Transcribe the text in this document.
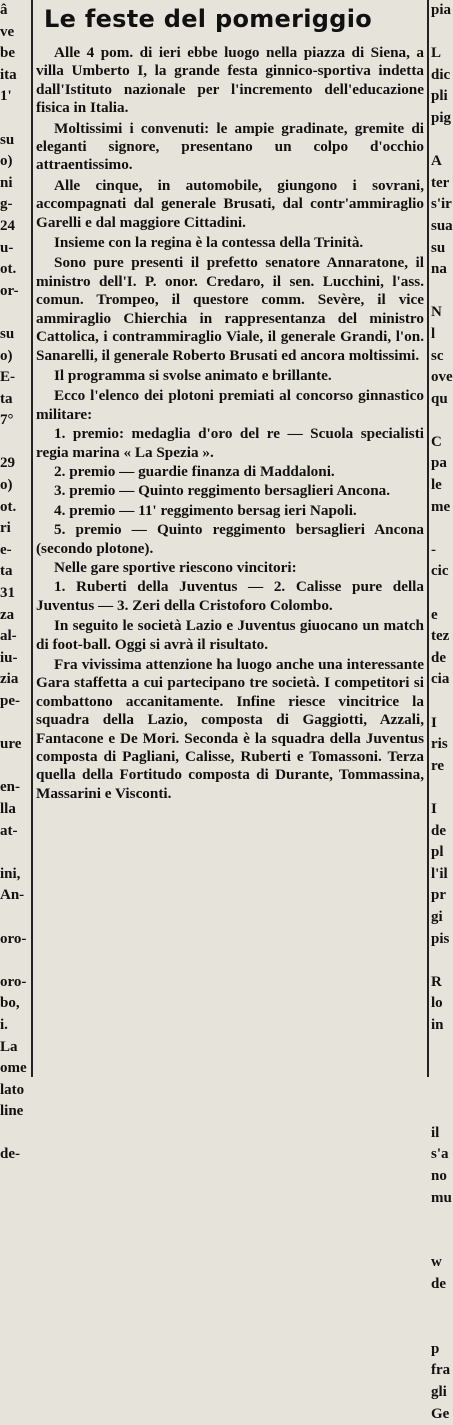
â
ve
be
ita
1'

su
o)
ni
g-
24
u-
ot.
or-

su
o)
E-
ta
7°

29
o)
ot.
ri
e-
ta
31
za
al-
iu-
zia
pe-

ure

en-
lla
at-

ini,
An-

oro-

oro-
bo,
i.
La
ome
lato
line

de-
Le feste del pomeriggio
Alle 4 pom. di ieri ebbe luogo nella piazza di Siena, a villa Umberto I, la grande festa ginnico-sportiva indetta dall'Istituto nazionale per l'incremento dell'educazione fisica in Italia.
Moltissimi i convenuti: le ampie gradinate, gremite di eleganti signore, presentano un colpo d'occhio attraentissimo.
Alle cinque, in automobile, giungono i sovrani, accompagnati dal generale Brusati, dal contr'ammiraglio Garelli e dal maggiore Cittadini.
Insieme con la regina è la contessa della Trinità.
Sono pure presenti il prefetto senatore Annaratone, il ministro dell'I. P. onor. Credaro, il sen. Lucchini, l'ass. comun. Trompeo, il questore comm. Sevère, il vice ammiraglio Chierchia in rappresentanza del ministro Cattolica, i contrammiraglio Viale, il generale Grandi, l'on. Sanarelli, il generale Roberto Brusati ed ancora moltissimi.
Il programma si svolse animato e brillante.
Ecco l'elenco dei plotoni premiati al concorso ginnastico militare:
1. premio: medaglia d'oro del re — Scuola specialisti regia marina « La Spezia ».
2. premio — guardie finanza di Maddaloni.
3. premio — Quinto reggimento bersaglieri Ancona.
4. premio — 11' reggimento bersag ieri Napoli.
5. premio — Quinto reggimento bersaglieri Ancona (secondo plotone).
Nelle gare sportive riescono vincitori:
1. Ruberti della Juventus — 2. Calisse pure della Juventus — 3. Zeri della Cristoforo Colombo.
In seguito le società Lazio e Juventus giuocano un match di foot-ball. Oggi si avrà il risultato.
Fra vivissima attenzione ha luogo anche una interessante Gara staffetta a cui partecipano tre società. I competitori si combattono accanitamente. Infine riesce vincitrice la squadra della Lazio, composta di Gaggiotti, Azzali, Fantacone e De Mori. Seconda è la squadra della Juventus composta di Pagliani, Calisse, Ruberti e Tomassoni. Terza quella della Fortitudo composta di Durante, Tommassina, Massarini e Visconti.
pia

L
dic
pli
pig

A
ter
s'ir
sua
su
na

N
l
sc
ove
qu

C
pa
le
me

-
cic

e
tez
de
cia

I
ris
re

I
de
pl
l'il
pr
gi
pis

R
lo
in

il
s'a
no
mu

w
de

p
fra
gli
Ge
